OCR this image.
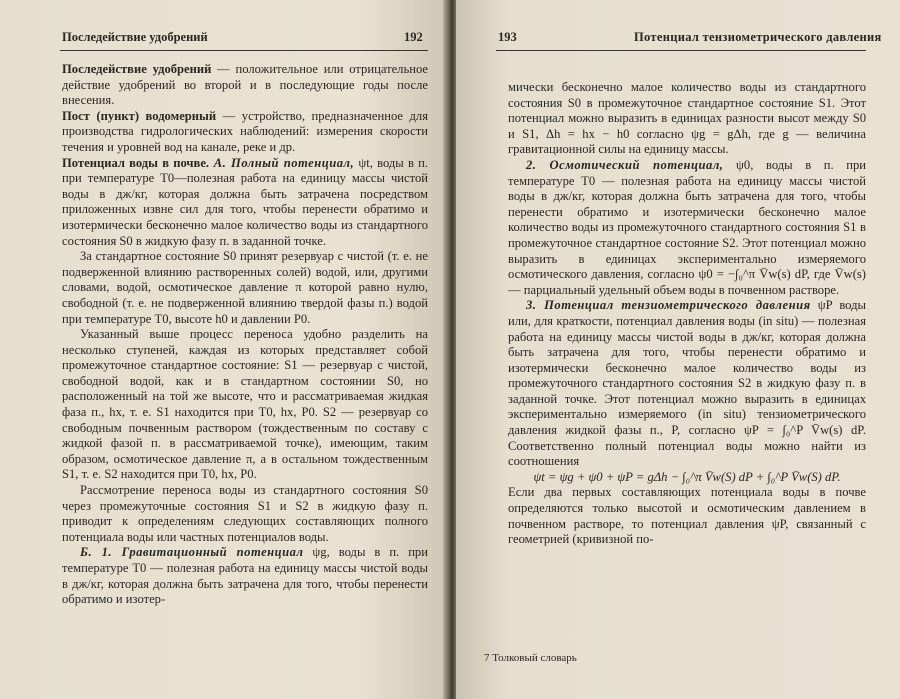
Последействие удобрений	192

Последействие удобрений — положительное или отрицательное действие удобрений во второй и в последующие годы после внесения.

Пост (пункт) водомерный — устройство, предназначенное для производства гидрологических наблюдений: измерения скорости течения и уровней вод на канале, реке и др.

Потенциал воды в почве. А. Полный потенциал, ψt, воды в п. при температуре T0—полезная работа на единицу массы чистой воды в дж/кг, которая должна быть затрачена посредством приложенных извне сил для того, чтобы перенести обратимо и изотермически бесконечно малое количество воды из стандартного состояния S0 в жидкую фазу п. в заданной точке.

За стандартное состояние S0 принят резервуар с чистой (т. е. не подверженной влиянию растворенных солей) водой, или, другими словами, водой, осмотическое давление π которой равно нулю, свободной (т. е. не подверженной влиянию твердой фазы п.) водой при температуре T0, высоте h0 и давлении P0.

Указанный выше процесс переноса удобно разделить на несколько ступеней, каждая из которых представляет собой промежуточное стандартное состояние: S1 — резервуар с чистой, свободной водой, как и в стандартном состоянии S0, но расположенный на той же высоте, что и рассматриваемая жидкая фаза п., hx, т. е. S1 находится при T0, hx, P0. S2 — резервуар со свободным почвенным раствором (тождественным по составу с жидкой фазой п. в рассматриваемой точке), имеющим, таким образом, осмотическое давление π, а в остальном тождественным S1, т. е. S2 находится при T0, hx, P0.

Рассмотрение переноса воды из стандартного состояния S0 через промежуточные состояния S1 и S2 в жидкую фазу п. приводит к определениям следующих составляющих полного потенциала воды или частных потенциалов воды.

Б. 1. Гравитационный потенциал ψg, воды в п. при температуре T0 — полезная работа на единицу массы чистой воды в дж/кг, которая должна быть затрачена для того, чтобы перенести обратимо и изотер-

193	Потенциал тензиометрического давления

мически бесконечно малое количество воды из стандартного состояния S0 в промежуточное стандартное состояние S1. Этот потенциал можно выразить в единицах разности высот между S0 и S1, Δh = hx − h0 согласно ψg = gΔh, где g — величина гравитационной силы на единицу массы.

2. Осмотический потенциал, ψ0, воды в п. при температуре T0 — полезная работа на единицу массы чистой воды в дж/кг, которая должна быть затрачена для того, чтобы перенести обратимо и изотермически бесконечно малое количество воды из промежуточного стандартного состояния S1 в промежуточное стандартное состояние S2. Этот потенциал можно выразить в единицах экспериментально измеряемого осмотического давления, согласно ψ0 = −∫₀^π V̄w(s) dP, где V̄w(s) — парциальный удельный объем воды в почвенном растворе.

3. Потенциал тензиометрического давления ψP воды или, для краткости, потенциал давления воды (in situ) — полезная работа на единицу массы чистой воды в дж/кг, которая должна быть затрачена для того, чтобы перенести обратимо и изотермически бесконечно малое количество воды из промежуточного стандартного состояния S2 в жидкую фазу п. в заданной точке. Этот потенциал можно выразить в единицах экспериментально измеряемого (in situ) тензиометрического давления жидкой фазы п., P, согласно ψP = ∫₀^P V̄w(s) dP. Соответственно полный потенциал воды можно найти из соотношения

ψt = ψg + ψ0 + ψP = gΔh − ∫₀^π V̄w(S) dP + ∫₀^P V̄w(S) dP.

Если два первых составляющих потенциала воды в почве определяются только высотой и осмотическим давлением в почвенном растворе, то потенциал давления ψP, связанный с геометрией (кривизной по-

7 Толковый словарь
